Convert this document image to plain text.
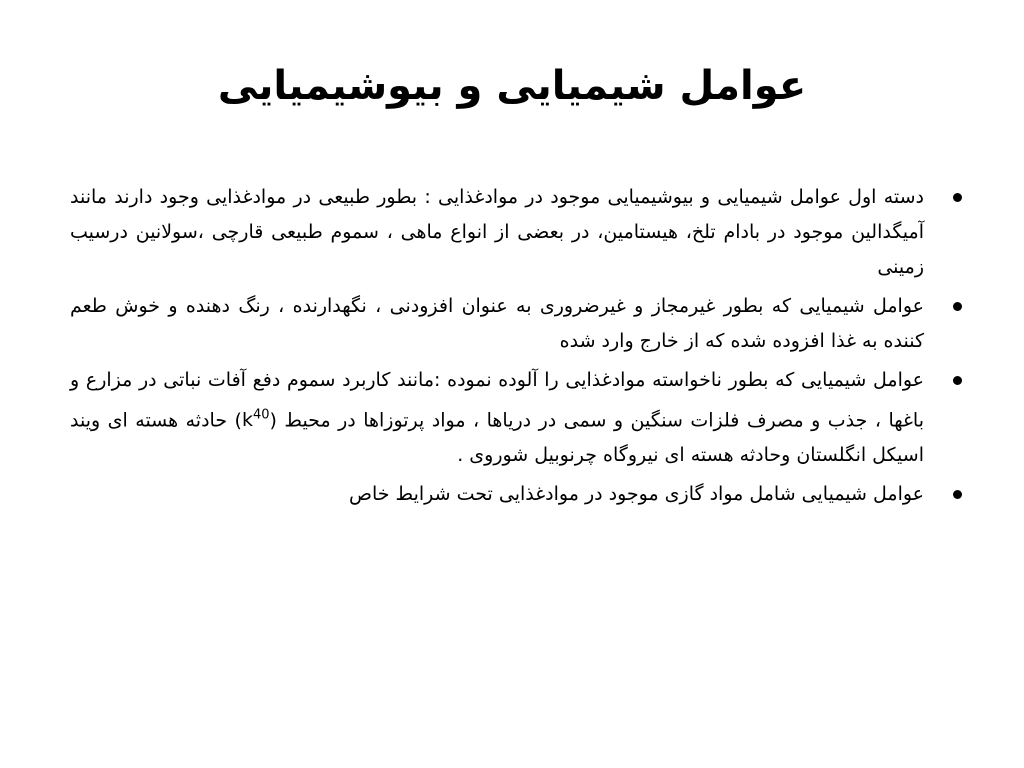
عوامل شیمیایی و بیوشیمیایی
دسته اول عوامل شیمیایی و بیوشیمیایی موجود در موادغذایی : بطور طبیعی در موادغذایی وجود دارند مانند آمیگدالین موجود در بادام تلخ، هیستامین، در بعضی از انواع ماهی ، سموم طبیعی قارچی ،سولانین درسیب زمینی
عوامل شیمیایی که بطور غیرمجاز و غیرضروری به عنوان افزودنی ، نگهدارنده ، رنگ دهنده و خوش طعم کننده به غذا افزوده شده که از خارج وارد شده
عوامل شیمیایی که بطور ناخواسته موادغذایی را آلوده نموده :مانند کاربرد سموم دفع آفات نباتی در مزارع و باغها ، جذب و مصرف فلزات سنگین و سمی در دریاها ، مواد پرتوزاها در محیط $(k^{40})$ حادثه هسته ای ویند اسیکل انگلستان وحادثه هسته ای نیروگاه چرنوبیل شوروی .
عوامل شیمیایی شامل مواد گازی موجود در موادغذایی تحت شرایط خاص
